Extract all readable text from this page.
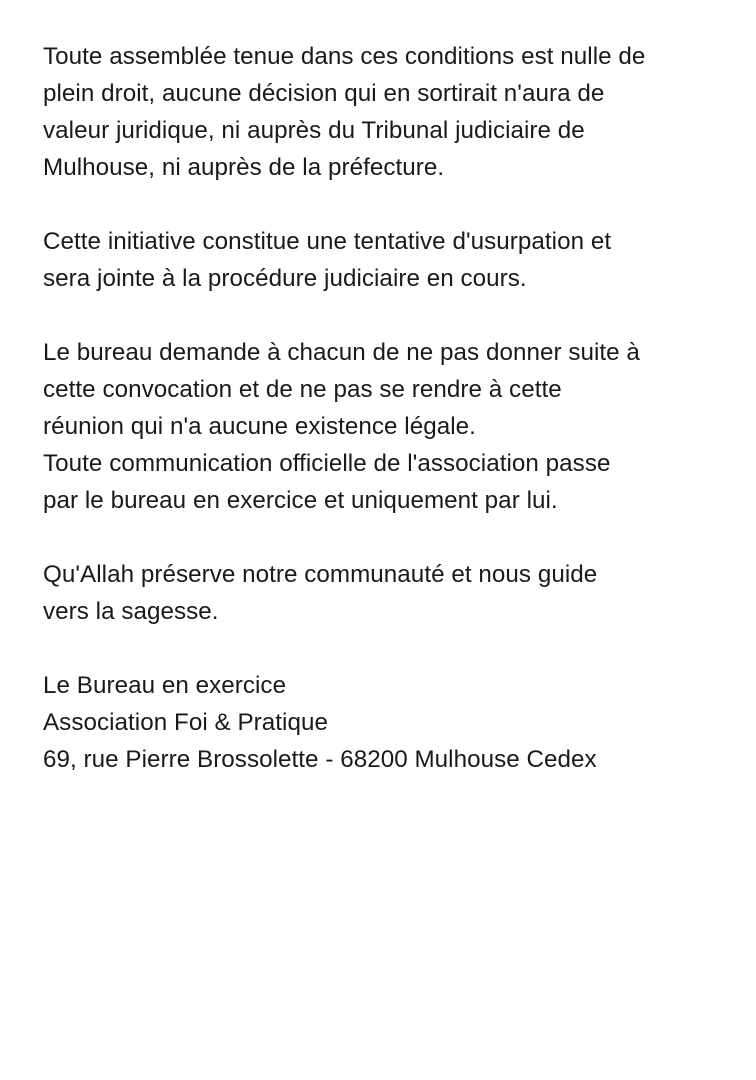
Toute assemblée tenue dans ces conditions est nulle de
plein droit, aucune décision qui en sortirait n'aura de
valeur juridique, ni auprès du Tribunal judiciaire de
Mulhouse, ni auprès de la préfecture.

Cette initiative constitue une tentative d'usurpation et
sera jointe à la procédure judiciaire en cours.

Le bureau demande à chacun de ne pas donner suite à
cette convocation et de ne pas se rendre à cette
réunion qui n'a aucune existence légale.

Toute communication officielle de l'association passe
par le bureau en exercice et uniquement par lui.

Qu'Allah préserve notre communauté et nous guide
vers la sagesse.

Le Bureau en exercice
Association Foi & Pratique
69, rue Pierre Brossolette - 68200 Mulhouse Cedex
